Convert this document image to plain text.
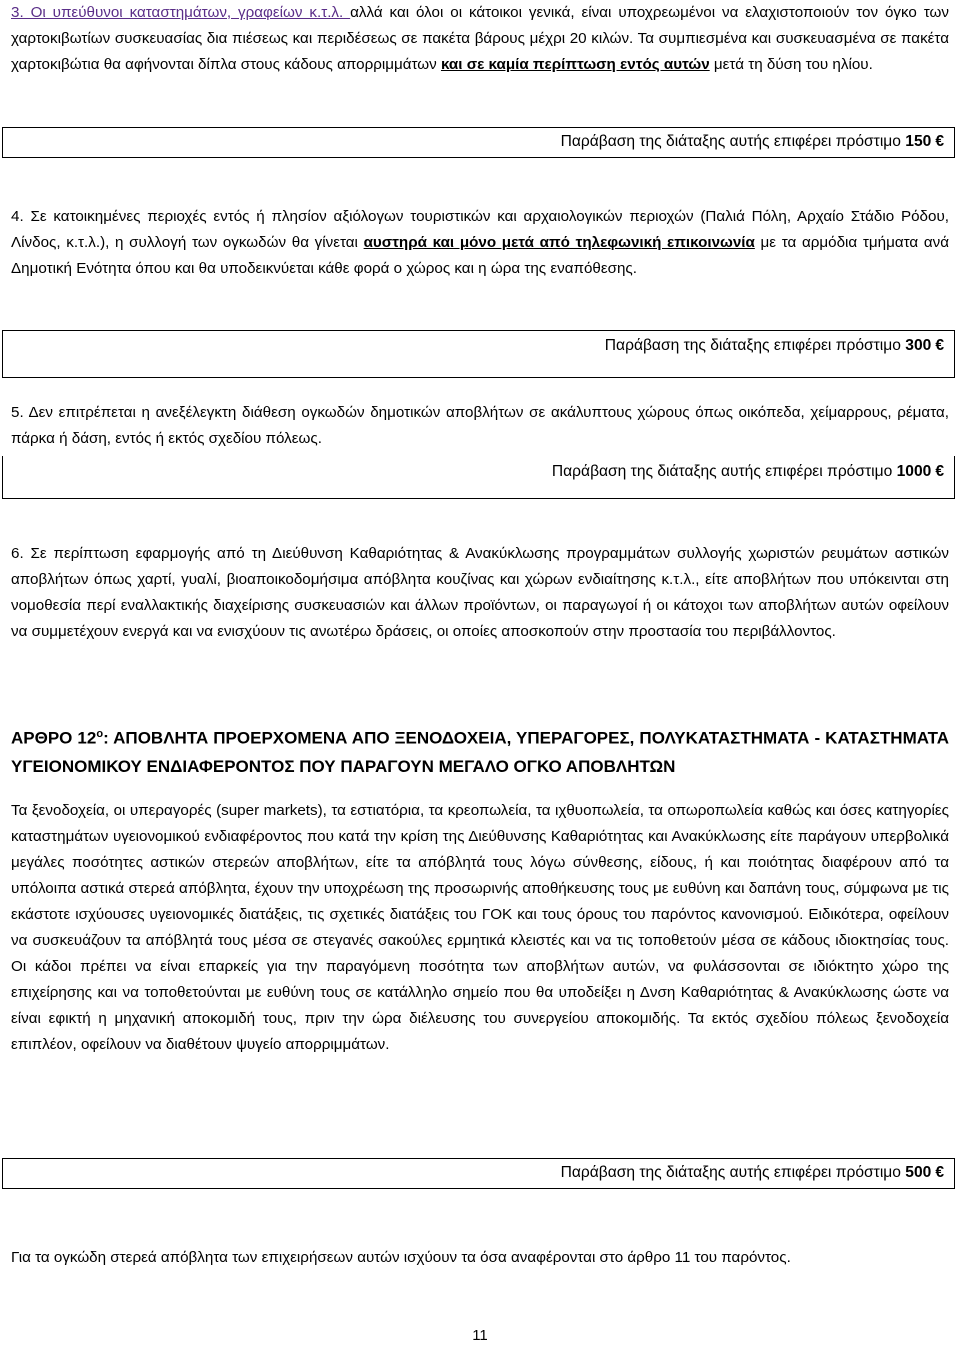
3. Οι υπεύθυνοι καταστημάτων, γραφείων κ.τ.λ. αλλά και όλοι οι κάτοικοι γενικά, είναι υποχρεωμένοι να ελαχιστοποιούν τον όγκο των χαρτοκιβωτίων συσκευασίας δια πιέσεως και περιδέσεως σε πακέτα βάρους μέχρι 20 κιλών. Τα συμπιεσμένα και συσκευασμένα σε πακέτα χαρτοκιβώτια θα αφήνονται δίπλα στους κάδους απορριμμάτων και σε καμία περίπτωση εντός αυτών μετά τη δύση του ηλίου.

Παράβαση της διάταξης αυτής επιφέρει πρόστιμο 150 €

4. Σε κατοικημένες περιοχές εντός ή πλησίον αξιόλογων τουριστικών και αρχαιολογικών περιοχών (Παλιά Πόλη, Αρχαίο Στάδιο Ρόδου, Λίνδος, κ.τ.λ.), η συλλογή των ογκωδών θα γίνεται αυστηρά και μόνο μετά από τηλεφωνική επικοινωνία με τα αρμόδια τμήματα ανά Δημοτική Ενότητα όπου και θα υποδεικνύεται κάθε φορά ο χώρος και η ώρα της εναπόθεσης.

Παράβαση της διάταξης επιφέρει πρόστιμο 300 €

5. Δεν επιτρέπεται η ανεξέλεγκτη διάθεση ογκωδών δημοτικών αποβλήτων σε ακάλυπτους χώρους όπως οικόπεδα, χείμαρρους, ρέματα, πάρκα ή δάση, εντός ή εκτός σχεδίου πόλεως.

Παράβαση της διάταξης αυτής επιφέρει πρόστιμο 1000 €

6. Σε περίπτωση εφαρμογής από τη Διεύθυνση Καθαριότητας & Ανακύκλωσης προγραμμάτων συλλογής χωριστών ρευμάτων αστικών αποβλήτων όπως χαρτί, γυαλί, βιοαποικοδομήσιμα απόβλητα κουζίνας και χώρων ενδιαίτησης κ.τ.λ., είτε αποβλήτων που υπόκεινται στη νομοθεσία περί εναλλακτικής διαχείρισης συσκευασιών και άλλων προϊόντων, οι παραγωγοί ή οι κάτοχοι των αποβλήτων αυτών οφείλουν να συμμετέχουν ενεργά και να ενισχύουν τις ανωτέρω δράσεις, οι οποίες αποσκοπούν στην προστασία του περιβάλλοντος.

ΑΡΘΡΟ $12^o$: ΑΠΟΒΛΗΤΑ ΠΡΟΕΡΧΟΜΕΝΑ ΑΠΟ ΞΕΝΟΔΟΧΕΙΑ, ΥΠΕΡΑΓΟΡΕΣ, ΠΟΛΥΚΑΤΑΣΤΗΜΑΤΑ - ΚΑΤΑΣΤΗΜΑΤΑ ΥΓΕΙΟΝΟΜΙΚΟΥ ΕΝΔΙΑΦΕΡΟΝΤΟΣ ΠΟΥ ΠΑΡΑΓΟΥΝ ΜΕΓΑΛΟ ΟΓΚΟ ΑΠΟΒΛΗΤΩΝ

Τα ξενοδοχεία, οι υπεραγορές (super markets), τα εστιατόρια, τα κρεοπωλεία, τα ιχθυοπωλεία, τα οπωροπωλεία καθώς και όσες κατηγορίες καταστημάτων υγειονομικού ενδιαφέροντος που κατά την κρίση της Διεύθυνσης Καθαριότητας και Ανακύκλωσης είτε παράγουν υπερβολικά μεγάλες ποσότητες αστικών στερεών αποβλήτων, είτε τα απόβλητά τους λόγω σύνθεσης, είδους, ή και ποιότητας διαφέρουν από τα υπόλοιπα αστικά στερεά απόβλητα, έχουν την υποχρέωση της προσωρινής αποθήκευσης τους με ευθύνη και δαπάνη τους, σύμφωνα με τις εκάστοτε ισχύουσες υγειονομικές διατάξεις, τις σχετικές διατάξεις του ΓΟΚ και τους όρους του παρόντος κανονισμού. Ειδικότερα, οφείλουν να συσκευάζουν τα απόβλητά τους μέσα σε στεγανές σακούλες ερμητικά κλειστές και να τις τοποθετούν μέσα σε κάδους ιδιοκτησίας τους. Οι κάδοι πρέπει να είναι επαρκείς για την παραγόμενη ποσότητα των αποβλήτων αυτών, να φυλάσσονται σε ιδιόκτητο χώρο της επιχείρησης και να τοποθετούνται με ευθύνη τους σε κατάλληλο σημείο που θα υποδείξει η Δνση Καθαριότητας & Ανακύκλωσης ώστε να είναι εφικτή η μηχανική αποκομιδή τους, πριν την ώρα διέλευσης του συνεργείου αποκομιδής. Τα εκτός σχεδίου πόλεως ξενοδοχεία επιπλέον, οφείλουν να διαθέτουν ψυγείο απορριμμάτων.

Παράβαση της διάταξης αυτής επιφέρει πρόστιμο 500 €

Για τα ογκώδη στερεά απόβλητα των επιχειρήσεων αυτών ισχύουν τα όσα αναφέρονται στο άρθρο 11 του παρόντος.

11
